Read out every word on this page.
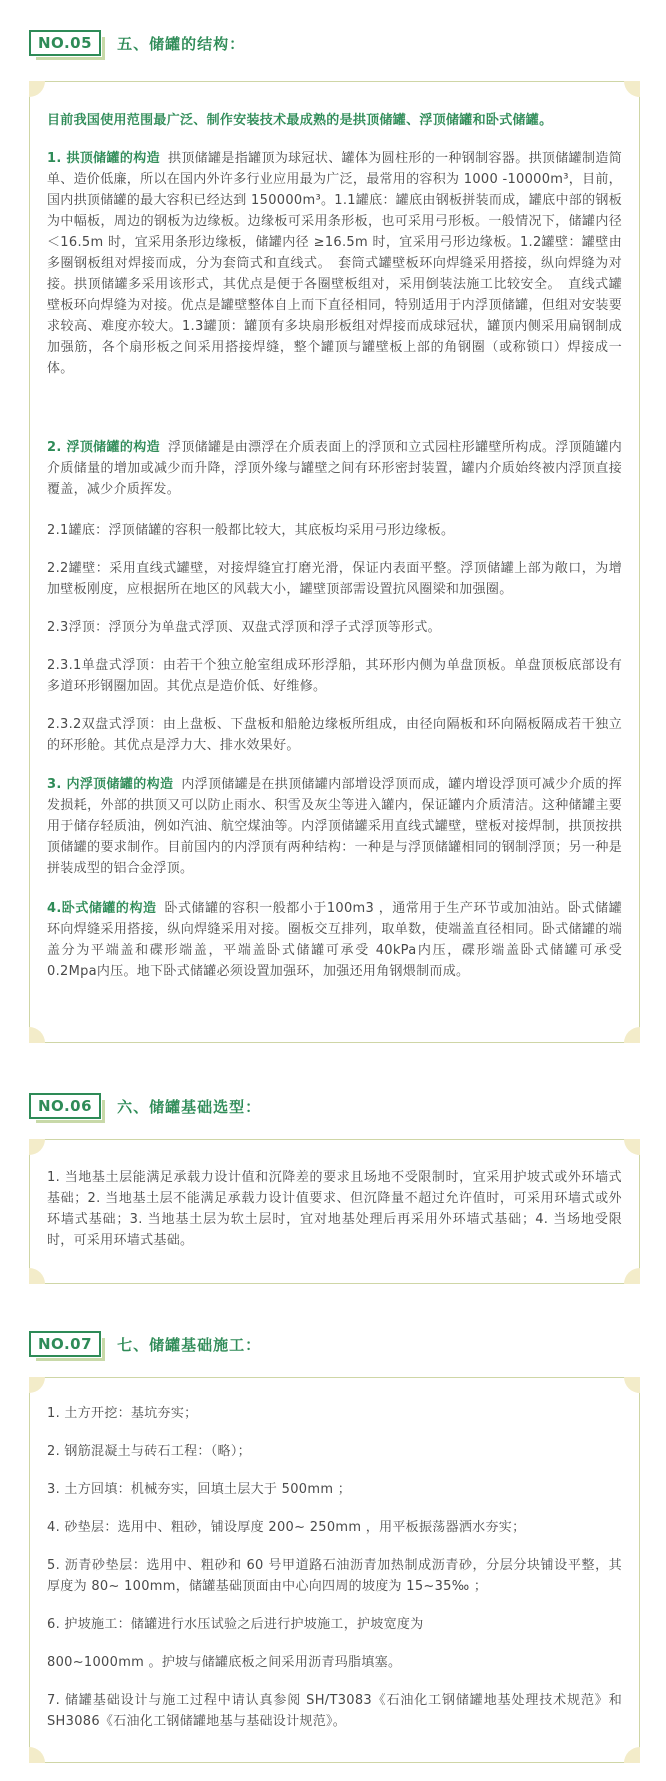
NO.05	五、储罐的结构：

目前我国使用范围最广泛、制作安装技术最成熟的是拱顶储罐、浮顶储罐和卧式储罐。

1. 拱顶储罐的构造 拱顶储罐是指罐顶为球冠状、罐体为圆柱形的一种钢制容器。拱顶储罐制造简单、造价低廉，所以在国内外许多行业应用最为广泛，最常用的容积为 1000 -10000m³，目前，国内拱顶储罐的最大容积已经达到 150000m³。1.1罐底：罐底由钢板拼装而成，罐底中部的钢板为中幅板，周边的钢板为边缘板。边缘板可采用条形板，也可采用弓形板。一般情况下，储罐内径＜16.5m 时，宜采用条形边缘板，储罐内径 ≥16.5m 时，宜采用弓形边缘板。1.2罐壁：罐壁由多圈钢板组对焊接而成，分为套筒式和直线式。　套筒式罐壁板环向焊缝采用搭接，纵向焊缝为对接。拱顶储罐多采用该形式，其优点是便于各圈壁板组对，采用倒装法施工比较安全。　直线式罐壁板环向焊缝为对接。优点是罐壁整体自上而下直径相同，特别适用于内浮顶储罐，但组对安装要求较高、难度亦较大。1.3罐顶：罐顶有多块扇形板组对焊接而成球冠状，罐顶内侧采用扁钢制成加强筋，各个扇形板之间采用搭接焊缝，整个罐顶与罐壁板上部的角钢圈（或称锁口）焊接成一体。

2. 浮顶储罐的构造 浮顶储罐是由漂浮在介质表面上的浮顶和立式园柱形罐壁所构成。浮顶随罐内介质储量的增加或减少而升降，浮顶外缘与罐壁之间有环形密封装置，罐内介质始终被内浮顶直接覆盖，减少介质挥发。

2.1罐底：浮顶储罐的容积一般都比较大，其底板均采用弓形边缘板。

2.2罐壁：采用直线式罐壁，对接焊缝宜打磨光滑，保证内表面平整。浮顶储罐上部为敞口，为增加壁板刚度，应根据所在地区的风载大小，罐壁顶部需设置抗风圈梁和加强圈。

2.3浮顶：浮顶分为单盘式浮顶、双盘式浮顶和浮子式浮顶等形式。

2.3.1单盘式浮顶：由若干个独立舱室组成环形浮船，其环形内侧为单盘顶板。单盘顶板底部设有多道环形钢圈加固。其优点是造价低、好维修。

2.3.2双盘式浮顶：由上盘板、下盘板和船舱边缘板所组成，由径向隔板和环向隔板隔成若干独立的环形舱。其优点是浮力大、排水效果好。

3. 内浮顶储罐的构造 内浮顶储罐是在拱顶储罐内部增设浮顶而成，罐内增设浮顶可减少介质的挥发损耗，外部的拱顶又可以防止雨水、积雪及灰尘等进入罐内，保证罐内介质清洁。这种储罐主要用于储存轻质油，例如汽油、航空煤油等。内浮顶储罐采用直线式罐壁，壁板对接焊制，拱顶按拱顶储罐的要求制作。目前国内的内浮顶有两种结构：一种是与浮顶储罐相同的钢制浮顶；另一种是拼装成型的铝合金浮顶。

4.卧式储罐的构造 卧式储罐的容积一般都小于100m3 ，通常用于生产环节或加油站。卧式储罐环向焊缝采用搭接，纵向焊缝采用对接。圈板交互排列，取单数，使端盖直径相同。卧式储罐的端盖分为平端盖和碟形端盖，平端盖卧式储罐可承受 40kPa内压，碟形端盖卧式储罐可承受 0.2Mpa内压。地下卧式储罐必须设置加强环，加强还用角钢煨制而成。

NO.06	六、储罐基础选型：

1. 当地基土层能满足承载力设计值和沉降差的要求且场地不受限制时，宜采用护坡式或外环墙式基础；2. 当地基土层不能满足承载力设计值要求、但沉降量不超过允许值时，可采用环墙式或外环墙式基础；3. 当地基土层为软土层时，宜对地基处理后再采用外环墙式基础；4. 当场地受限时，可采用环墙式基础。

NO.07	七、储罐基础施工：

1. 土方开挖：基坑夯实；

2. 钢筋混凝土与砖石工程：（略）；

3. 土方回填：机械夯实，回填土层大于 500mm ；

4. 砂垫层：选用中、粗砂，铺设厚度 200~ 250mm ，用平板振荡器洒水夯实；

5. 沥青砂垫层：选用中、粗砂和 60 号甲道路石油沥青加热制成沥青砂，分层分块铺设平整，其厚度为 80~ 100mm，储罐基础顶面由中心向四周的坡度为 15~35‰ ；

6. 护坡施工：储罐进行水压试验之后进行护坡施工，护坡宽度为

800~1000mm 。护坡与储罐底板之间采用沥青玛脂填塞。

7. 储罐基础设计与施工过程中请认真参阅 SH/T3083《石油化工钢储罐地基处理技术规范》和 SH3086《石油化工钢储罐地基与基础设计规范》。
